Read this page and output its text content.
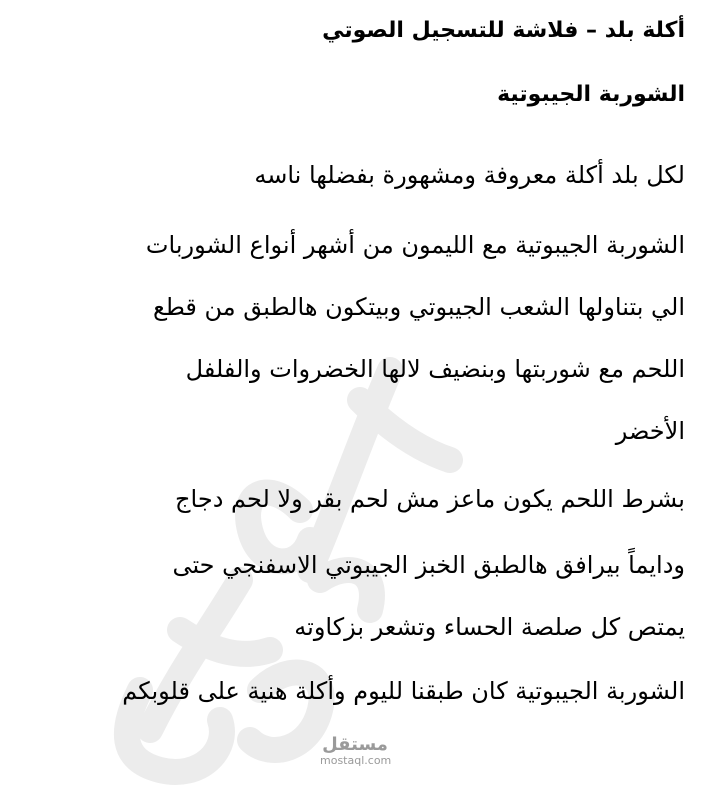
أكلة بلد – فلاشة للتسجيل الصوتي
الشوربة الجيبوتية
لكل بلد أكلة معروفة ومشهورة بفضلها ناسه
الشوربة الجيبوتية مع الليمون من أشهر أنواع الشوربات
الي بتناولها الشعب الجيبوتي وبيتكون هالطبق من قطع
اللحم مع شوربتها وبنضيف لالها الخضروات والفلفل
الأخضر
بشرط اللحم يكون ماعز مش لحم بقر ولا لحم دجاج
ودايماً بيرافق هالطبق الخبز الجيبوتي الاسفنجي حتى
يمتص كل صلصة الحساء وتشعر بزكاوته
الشوربة الجيبوتية كان طبقنا لليوم وأكلة هنية على قلوبكم
مستقل
mostaql.com
